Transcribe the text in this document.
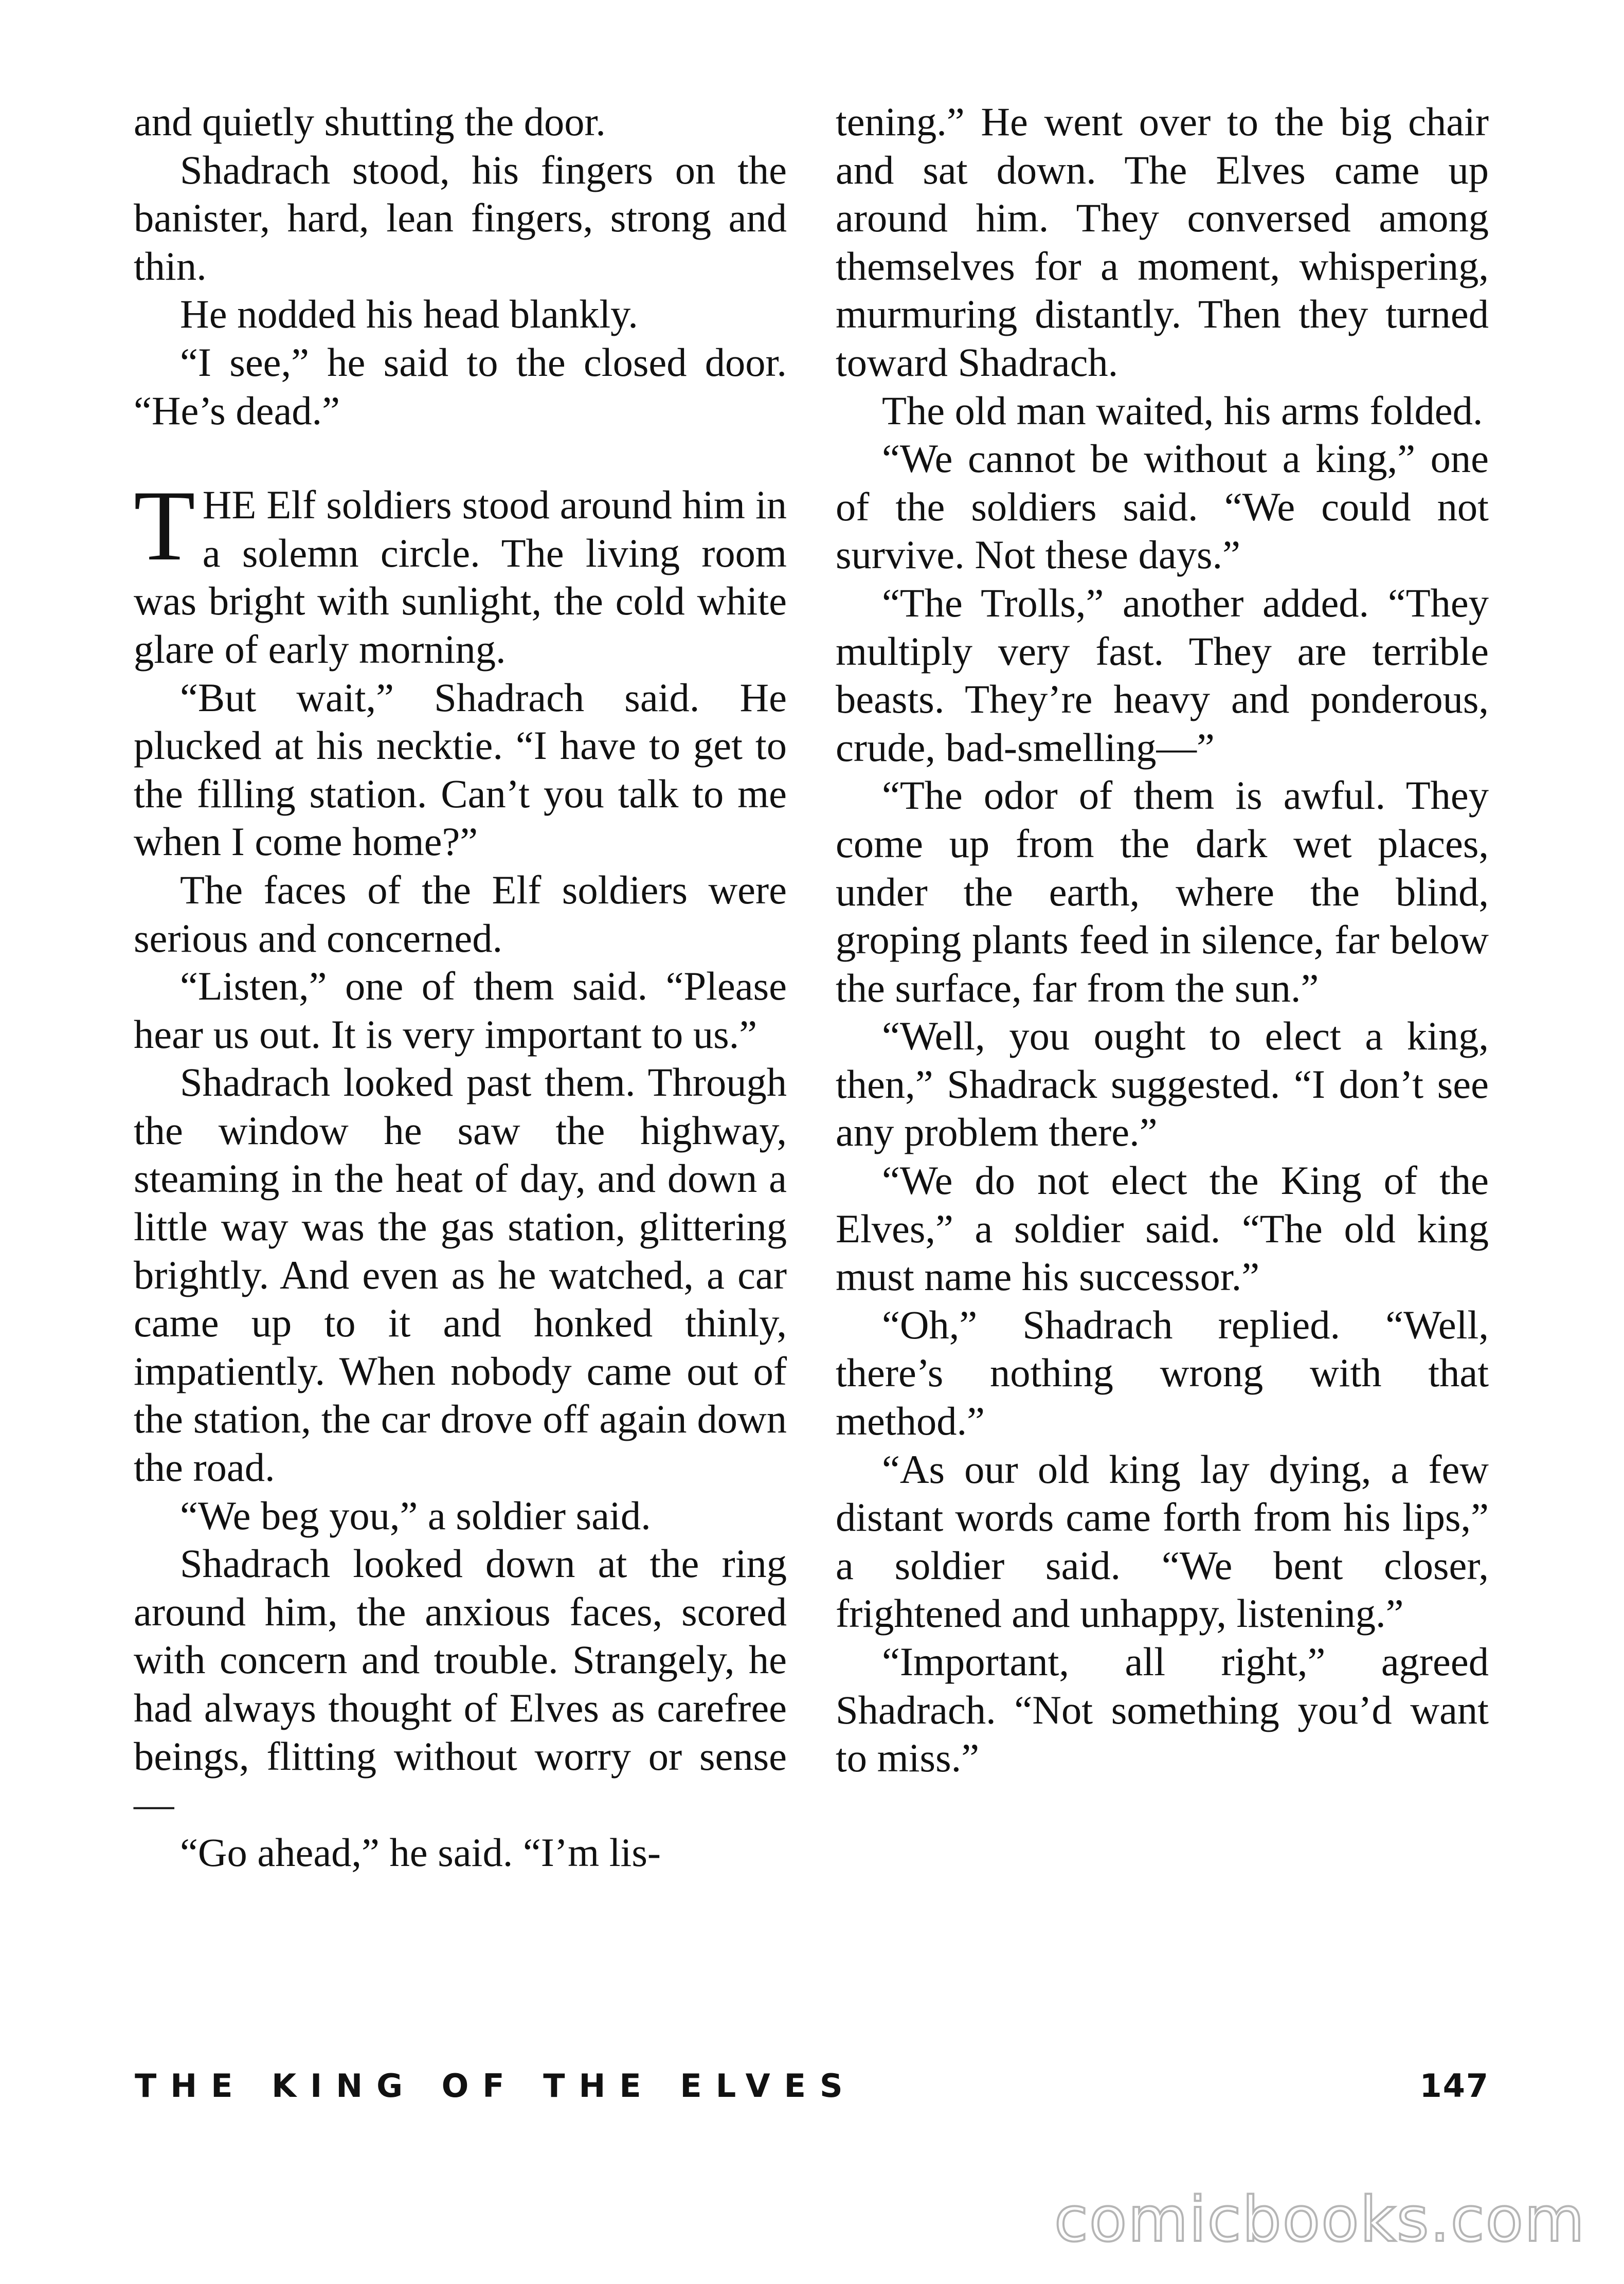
and quietly shutting the door.

Shadrach stood, his fingers on the banister, hard, lean fingers, strong and thin.

He nodded his head blankly.

“I see,” he said to the closed door. “He’s dead.”

THE Elf soldiers stood around him in a solemn circle. The living room was bright with sunlight, the cold white glare of early morning.

“But wait,” Shadrach said. He plucked at his necktie. “I have to get to the filling station. Can’t you talk to me when I come home?”

The faces of the Elf soldiers were serious and concerned.

“Listen,” one of them said. “Please hear us out. It is very important to us.”

Shadrach looked past them. Through the window he saw the highway, steaming in the heat of day, and down a little way was the gas station, glittering brightly. And even as he watched, a car came up to it and honked thinly, impatiently. When nobody came out of the station, the car drove off again down the road.

“We beg you,” a soldier said.

Shadrach looked down at the ring around him, the anxious faces, scored with concern and trouble. Strangely, he had always thought of Elves as carefree beings, flitting without worry or sense—

“Go ahead,” he said. “I’m lis-

tening.” He went over to the big chair and sat down. The Elves came up around him. They conversed among themselves for a moment, whispering, murmuring distantly. Then they turned toward Shadrach.

The old man waited, his arms folded.

“We cannot be without a king,” one of the soldiers said. “We could not survive. Not these days.”

“The Trolls,” another added. “They multiply very fast. They are terrible beasts. They’re heavy and ponderous, crude, bad-smelling—”

“The odor of them is awful. They come up from the dark wet places, under the earth, where the blind, groping plants feed in silence, far below the surface, far from the sun.”

“Well, you ought to elect a king, then,” Shadrack suggested. “I don’t see any problem there.”

“We do not elect the King of the Elves,” a soldier said. “The old king must name his successor.”

“Oh,” Shadrach replied. “Well, there’s nothing wrong with that method.”

“As our old king lay dying, a few distant words came forth from his lips,” a soldier said. “We bent closer, frightened and unhappy, listening.”

“Important, all right,” agreed Shadrach. “Not something you’d want to miss.”

THE KING OF THE ELVES	147
comicbooks.com
